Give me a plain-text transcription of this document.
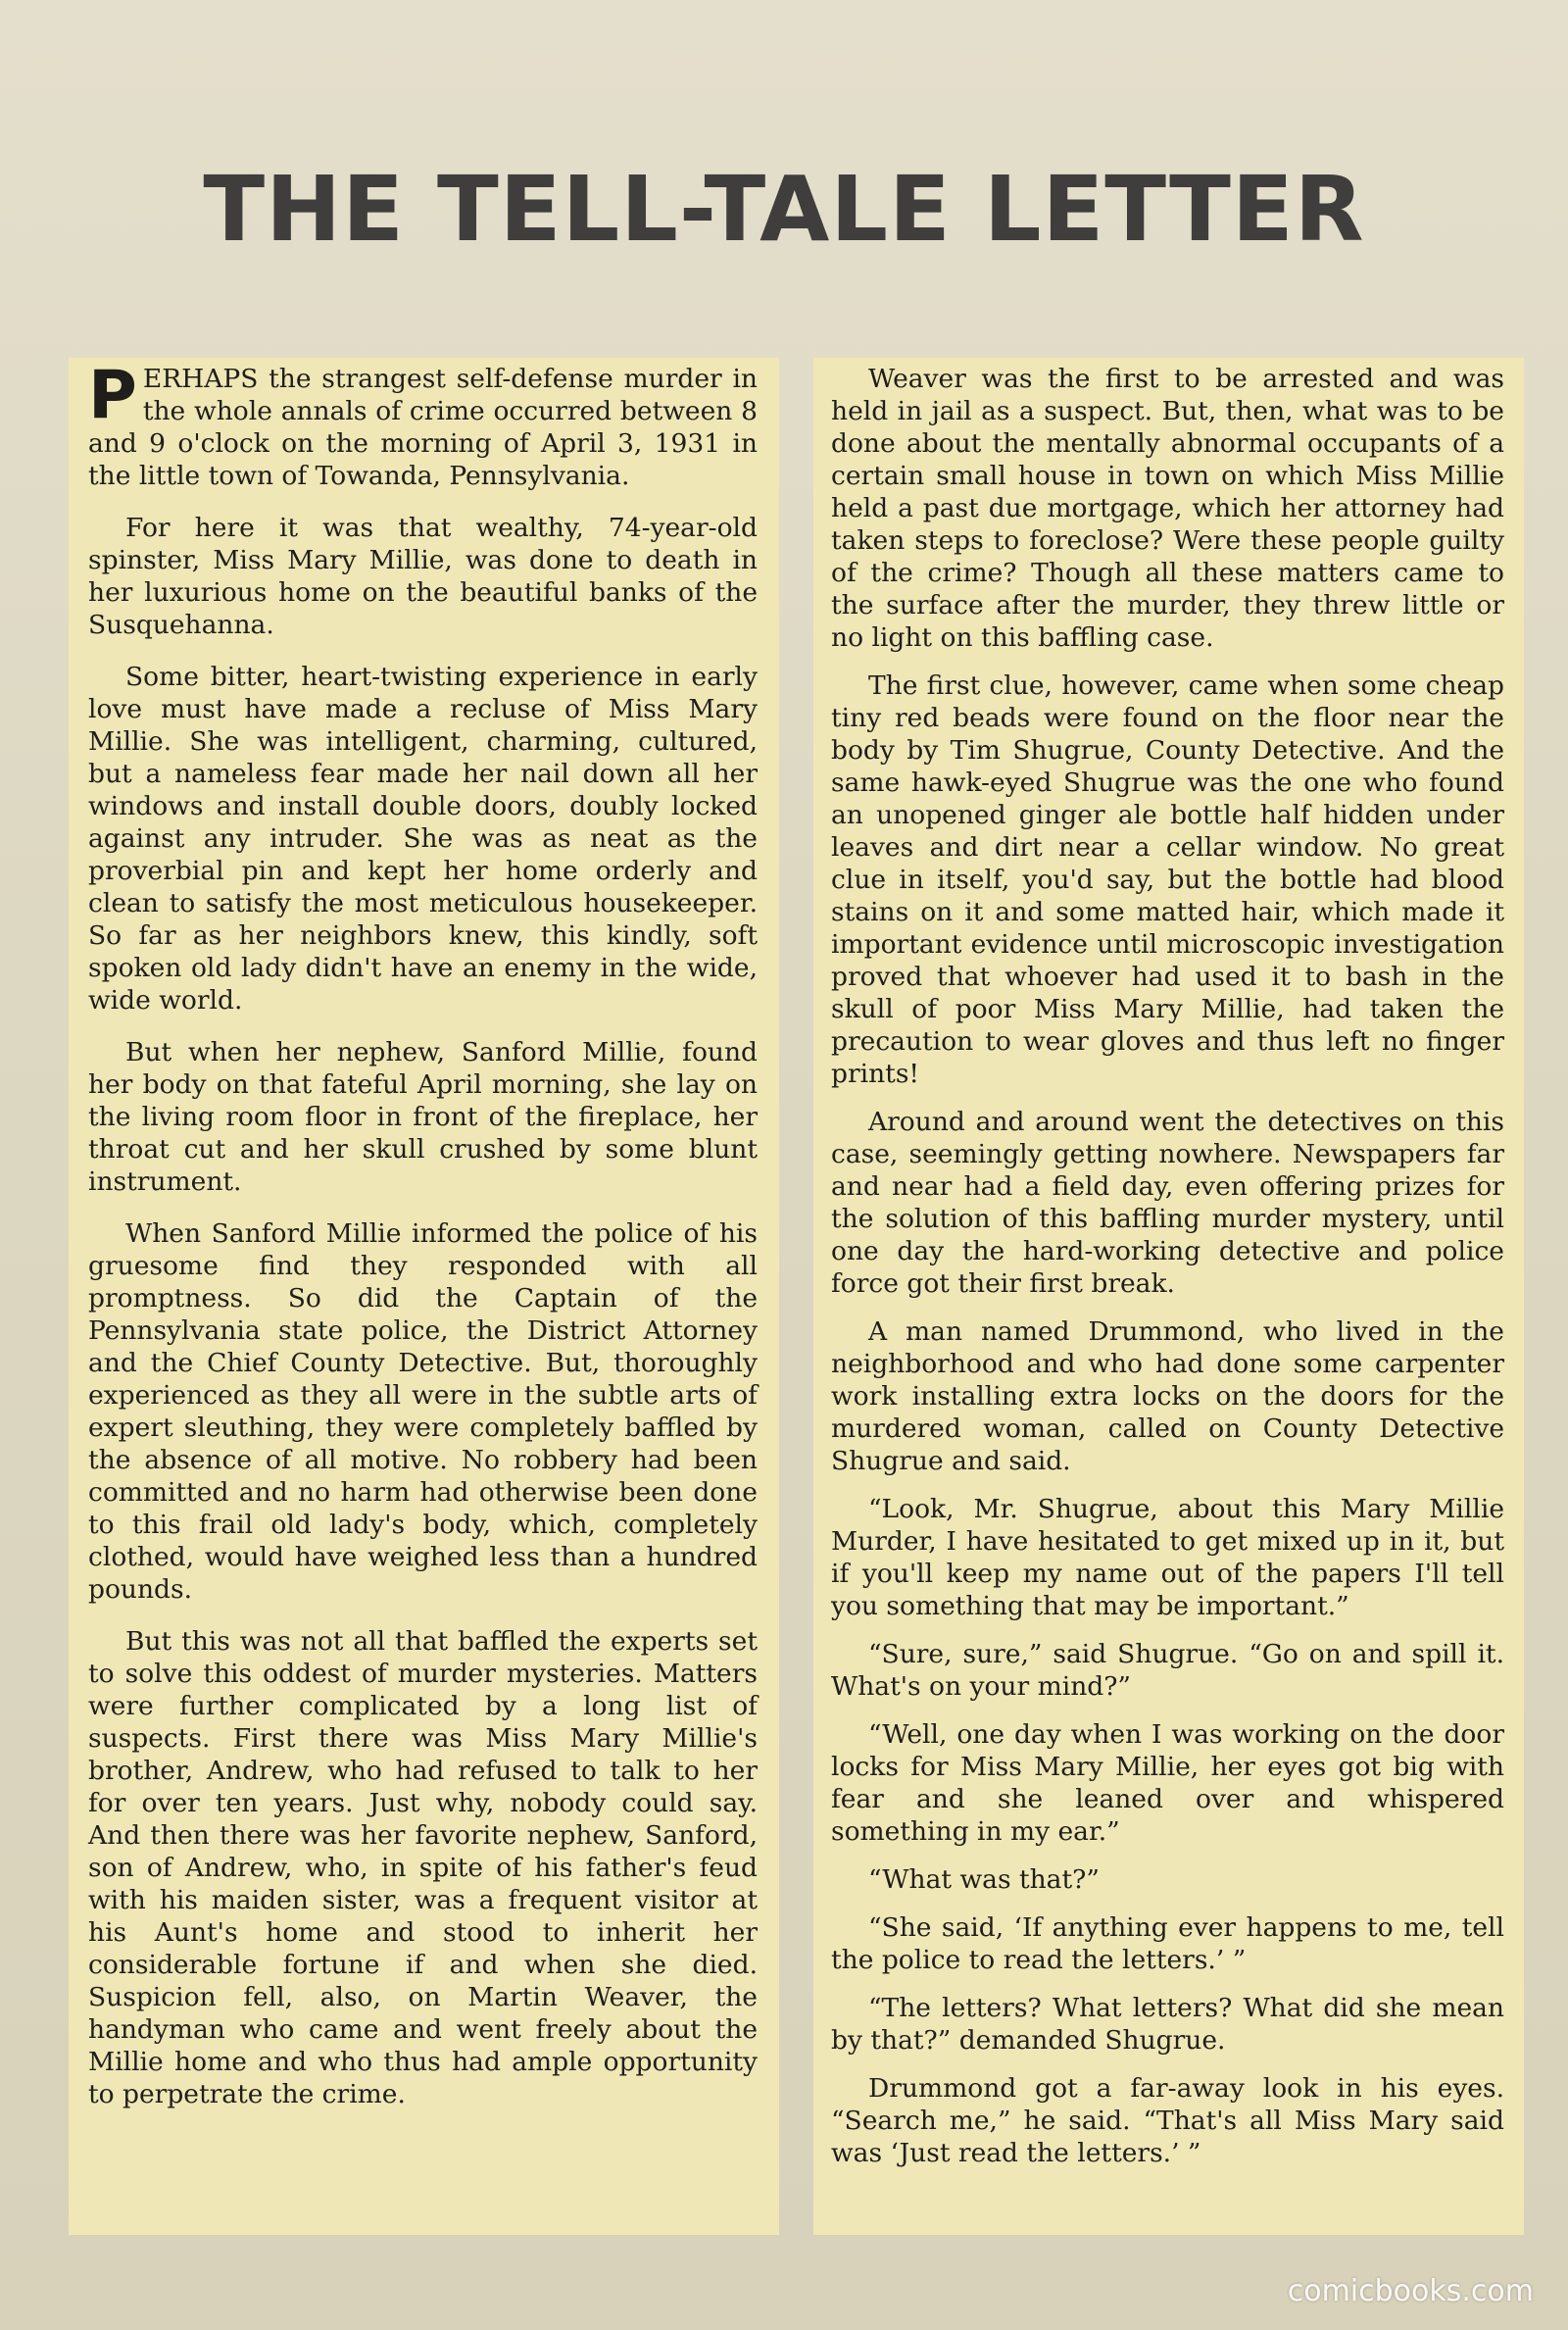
THE TELL-TALE LETTER

PERHAPS the strangest self-defense murder in the whole annals of crime occurred between 8 and 9 o'clock on the morning of April 3, 1931 in the little town of Towanda, Pennsylvania.

For here it was that wealthy, 74-year-old spinster, Miss Mary Millie, was done to death in her luxurious home on the beautiful banks of the Susquehanna.

Some bitter, heart-twisting experience in early love must have made a recluse of Miss Mary Millie. She was intelligent, charming, cultured, but a nameless fear made her nail down all her windows and install double doors, doubly locked against any intruder. She was as neat as the proverbial pin and kept her home orderly and clean to satisfy the most meticulous housekeeper. So far as her neighbors knew, this kindly, soft spoken old lady didn't have an enemy in the wide, wide world.

But when her nephew, Sanford Millie, found her body on that fateful April morning, she lay on the living room floor in front of the fireplace, her throat cut and her skull crushed by some blunt instrument.

When Sanford Millie informed the police of his gruesome find they responded with all promptness. So did the Captain of the Pennsylvania state police, the District Attorney and the Chief County Detective. But, thoroughly experienced as they all were in the subtle arts of expert sleuthing, they were completely baffled by the absence of all motive. No robbery had been committed and no harm had otherwise been done to this frail old lady's body, which, completely clothed, would have weighed less than a hundred pounds.

But this was not all that baffled the experts set to solve this oddest of murder mysteries. Matters were further complicated by a long list of suspects. First there was Miss Mary Millie's brother, Andrew, who had refused to talk to her for over ten years. Just why, nobody could say. And then there was her favorite nephew, Sanford, son of Andrew, who, in spite of his father's feud with his maiden sister, was a frequent visitor at his Aunt's home and stood to inherit her considerable fortune if and when she died. Suspicion fell, also, on Martin Weaver, the handyman who came and went freely about the Millie home and who thus had ample opportunity to perpetrate the crime.

Weaver was the first to be arrested and was held in jail as a suspect. But, then, what was to be done about the mentally abnormal occupants of a certain small house in town on which Miss Millie held a past due mortgage, which her attorney had taken steps to foreclose? Were these people guilty of the crime? Though all these matters came to the surface after the murder, they threw little or no light on this baffling case.

The first clue, however, came when some cheap tiny red beads were found on the floor near the body by Tim Shugrue, County Detective. And the same hawk-eyed Shugrue was the one who found an unopened ginger ale bottle half hidden under leaves and dirt near a cellar window. No great clue in itself, you'd say, but the bottle had blood stains on it and some matted hair, which made it important evidence until microscopic investigation proved that whoever had used it to bash in the skull of poor Miss Mary Millie, had taken the precaution to wear gloves and thus left no finger prints!

Around and around went the detectives on this case, seemingly getting nowhere. Newspapers far and near had a field day, even offering prizes for the solution of this baffling murder mystery, until one day the hard-working detective and police force got their first break.

A man named Drummond, who lived in the neighborhood and who had done some carpenter work installing extra locks on the doors for the murdered woman, called on County Detective Shugrue and said.

“Look, Mr. Shugrue, about this Mary Millie Murder, I have hesitated to get mixed up in it, but if you'll keep my name out of the papers I'll tell you something that may be important.”

“Sure, sure,” said Shugrue. “Go on and spill it. What's on your mind?”

“Well, one day when I was working on the door locks for Miss Mary Millie, her eyes got big with fear and she leaned over and whispered something in my ear.”

“What was that?”

“She said, ‘If anything ever happens to me, tell the police to read the letters.’ ”

“The letters? What letters? What did she mean by that?” demanded Shugrue.

Drummond got a far-away look in his eyes. “Search me,” he said. “That's all Miss Mary said was ‘Just read the letters.’ ”

comicbooks.com
